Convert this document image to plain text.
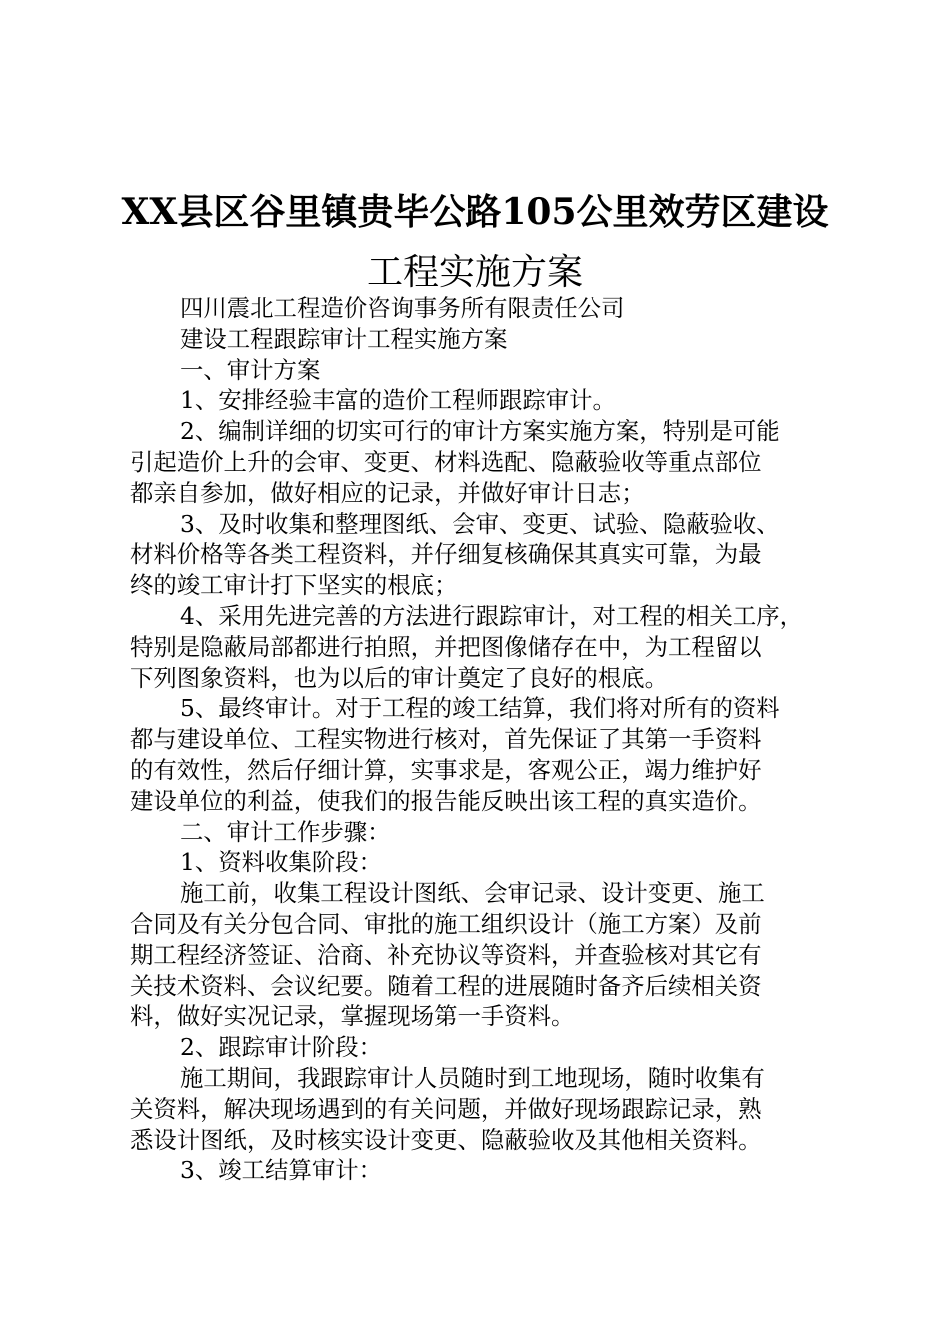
XX县区谷里镇贵毕公路105公里效劳区建设
工程实施方案

四川震北工程造价咨询事务所有限责任公司

建设工程跟踪审计工程实施方案

一、审计方案

1、安排经验丰富的造价工程师跟踪审计。

2、编制详细的切实可行的审计方案实施方案，特别是可能

引起造价上升的会审、变更、材料选配、隐蔽验收等重点部位

都亲自参加，做好相应的记录，并做好审计日志；

3、及时收集和整理图纸、会审、变更、试验、隐蔽验收、

材料价格等各类工程资料，并仔细复核确保其真实可靠，为最

终的竣工审计打下坚实的根底；

4、采用先进完善的方法进行跟踪审计，对工程的相关工序，

特别是隐蔽局部都进行拍照，并把图像储存在中，为工程留以

下列图象资料，也为以后的审计奠定了良好的根底。

5、最终审计。对于工程的竣工结算，我们将对所有的资料

都与建设单位、工程实物进行核对，首先保证了其第一手资料

的有效性，然后仔细计算，实事求是，客观公正，竭力维护好

建设单位的利益，使我们的报告能反映出该工程的真实造价。

二、审计工作步骤：

1、资料收集阶段：

施工前，收集工程设计图纸、会审记录、设计变更、施工

合同及有关分包合同、审批的施工组织设计（施工方案）及前

期工程经济签证、洽商、补充协议等资料，并查验核对其它有

关技术资料、会议纪要。随着工程的进展随时备齐后续相关资

料，做好实况记录，掌握现场第一手资料。

2、跟踪审计阶段：

施工期间，我跟踪审计人员随时到工地现场，随时收集有

关资料，解决现场遇到的有关问题，并做好现场跟踪记录，熟

悉设计图纸，及时核实设计变更、隐蔽验收及其他相关资料。

3、竣工结算审计：
